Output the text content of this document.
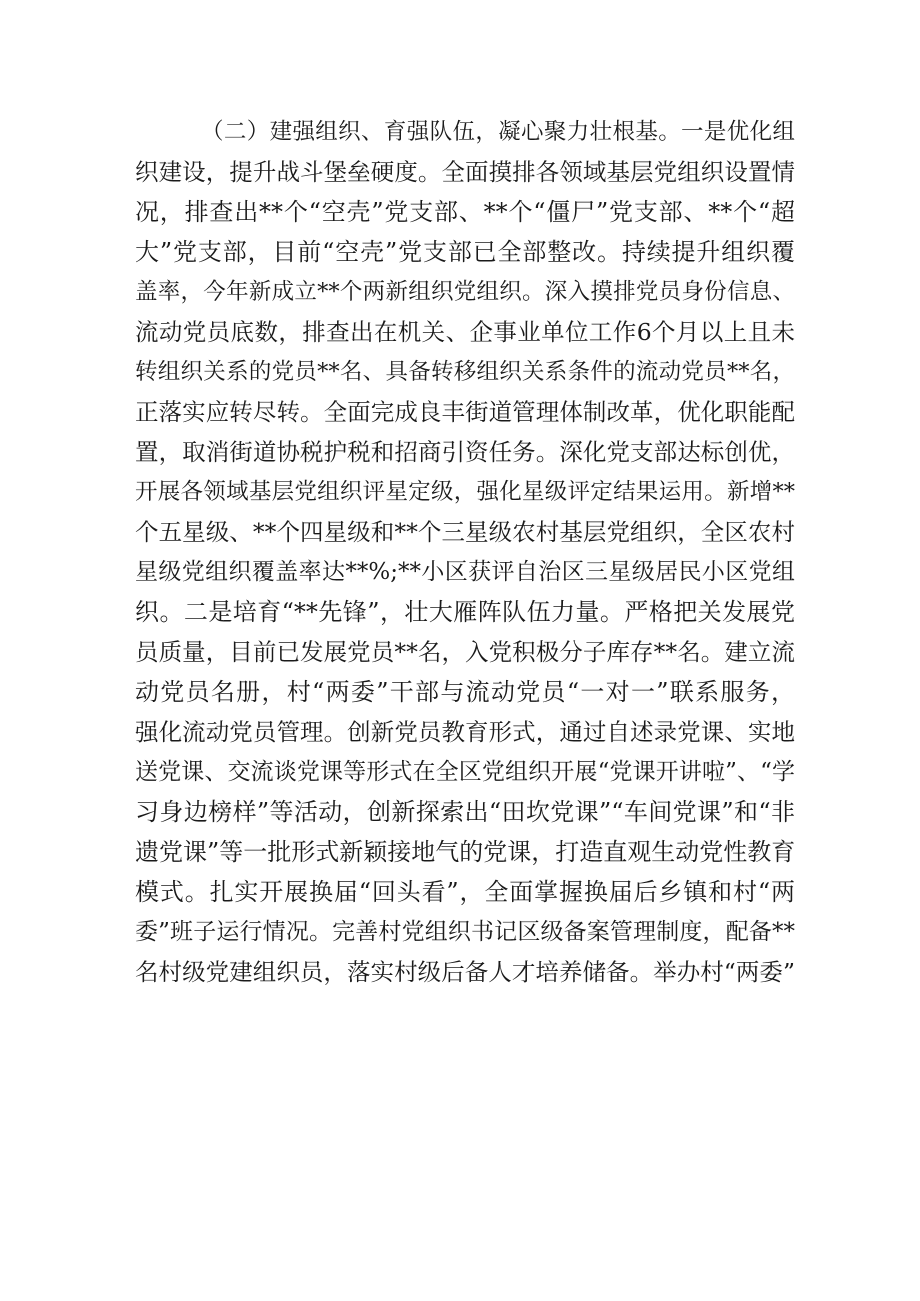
（二）建强组织、育强队伍，凝心聚力壮根基。一是优化组
织建设，提升战斗堡垒硬度。全面摸排各领域基层党组织设置情
况，排查出**个“空壳”党支部、**个“僵尸”党支部、**个“超
大”党支部，目前“空壳”党支部已全部整改。持续提升组织覆
盖率，今年新成立**个两新组织党组织。深入摸排党员身份信息、
流动党员底数，排查出在机关、企事业单位工作6个月以上且未
转组织关系的党员**名、具备转移组织关系条件的流动党员**名，
正落实应转尽转。全面完成良丰街道管理体制改革，优化职能配
置，取消街道协税护税和招商引资任务。深化党支部达标创优，
开展各领域基层党组织评星定级，强化星级评定结果运用。新增**
个五星级、**个四星级和**个三星级农村基层党组织，全区农村
星级党组织覆盖率达**%;**小区获评自治区三星级居民小区党组
织。二是培育“**先锋”，壮大雁阵队伍力量。严格把关发展党
员质量，目前已发展党员**名，入党积极分子库存**名。建立流
动党员名册，村“两委”干部与流动党员“一对一”联系服务，
强化流动党员管理。创新党员教育形式，通过自述录党课、实地
送党课、交流谈党课等形式在全区党组织开展“党课开讲啦”、“学
习身边榜样”等活动，创新探索出“田坎党课”“车间党课”和“非
遗党课”等一批形式新颖接地气的党课，打造直观生动党性教育
模式。扎实开展换届“回头看”，全面掌握换届后乡镇和村“两
委”班子运行情况。完善村党组织书记区级备案管理制度，配备**
名村级党建组织员，落实村级后备人才培养储备。举办村“两委”
